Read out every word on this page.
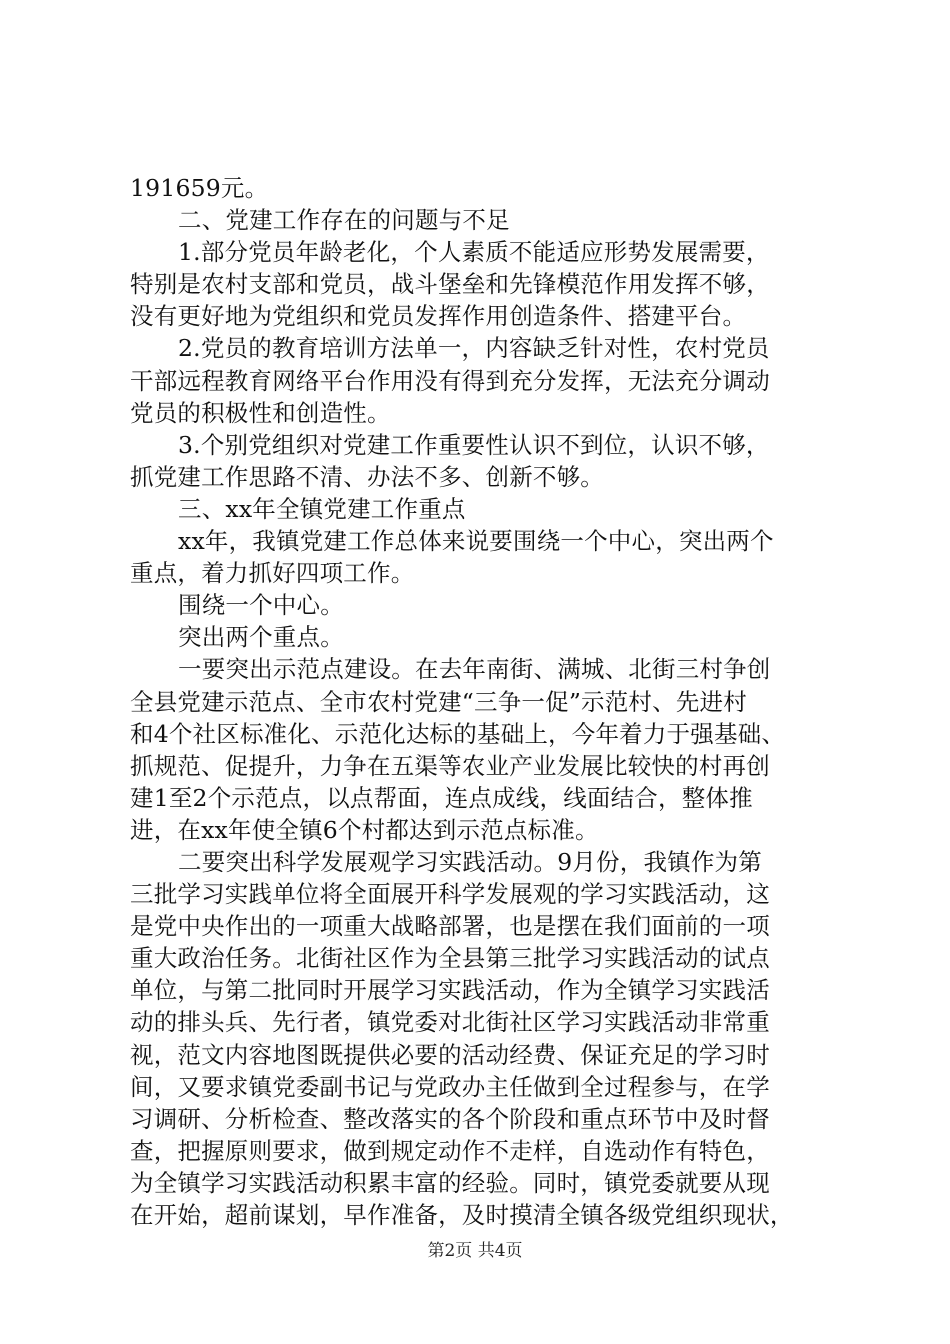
191659元。
二、党建工作存在的问题与不足
1.部分党员年龄老化，个人素质不能适应形势发展需要，
特别是农村支部和党员，战斗堡垒和先锋模范作用发挥不够，
没有更好地为党组织和党员发挥作用创造条件、搭建平台。
2.党员的教育培训方法单一，内容缺乏针对性，农村党员
干部远程教育网络平台作用没有得到充分发挥，无法充分调动
党员的积极性和创造性。
3.个别党组织对党建工作重要性认识不到位，认识不够，
抓党建工作思路不清、办法不多、创新不够。
三、xx年全镇党建工作重点
xx年，我镇党建工作总体来说要围绕一个中心，突出两个
重点，着力抓好四项工作。
围绕一个中心。
突出两个重点。
一要突出示范点建设。在去年南街、满城、北街三村争创
全县党建示范点、全市农村党建“三争一促”示范村、先进村
和4个社区标准化、示范化达标的基础上，今年着力于强基础、
抓规范、促提升，力争在五渠等农业产业发展比较快的村再创
建1至2个示范点，以点帮面，连点成线，线面结合，整体推
进，在xx年使全镇6个村都达到示范点标准。
二要突出科学发展观学习实践活动。9月份，我镇作为第
三批学习实践单位将全面展开科学发展观的学习实践活动，这
是党中央作出的一项重大战略部署，也是摆在我们面前的一项
重大政治任务。北街社区作为全县第三批学习实践活动的试点
单位，与第二批同时开展学习实践活动，作为全镇学习实践活
动的排头兵、先行者，镇党委对北街社区学习实践活动非常重
视，范文内容地图既提供必要的活动经费、保证充足的学习时
间，又要求镇党委副书记与党政办主任做到全过程参与，在学
习调研、分析检查、整改落实的各个阶段和重点环节中及时督
查，把握原则要求，做到规定动作不走样，自选动作有特色，
为全镇学习实践活动积累丰富的经验。同时，镇党委就要从现
在开始，超前谋划，早作准备，及时摸清全镇各级党组织现状，
第2页 共4页
